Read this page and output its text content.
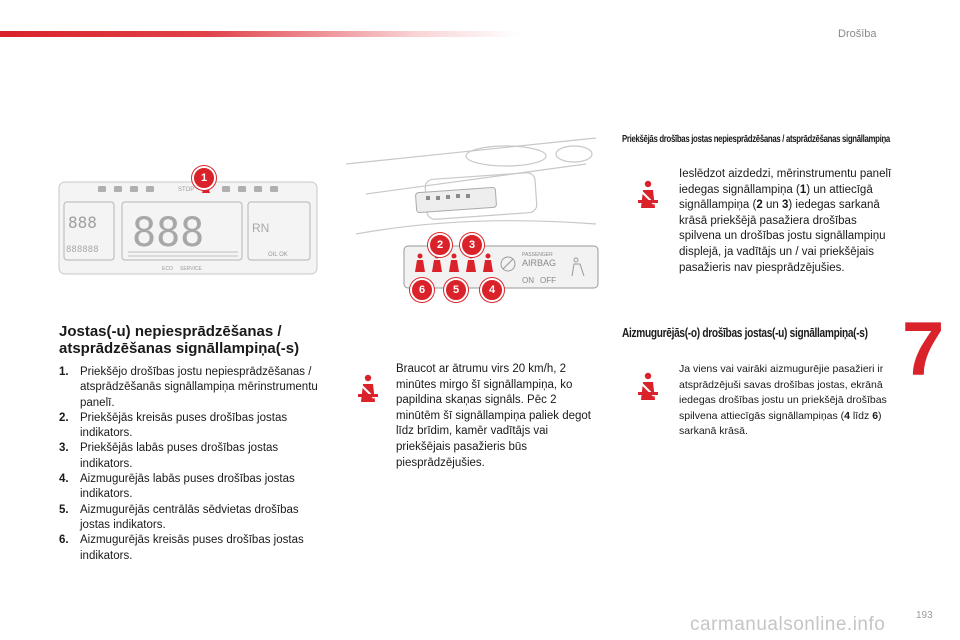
Drošība
7
193
carmanualsonline.info
STOP
888 888	RN
OIL OK
888888
ECO SERVICE
1
PASSENGER
AIRBAG
ON OFF
2	3
4
5
6
Jostas(-u) nepiesprādzēšanas / atsprādzēšanas signāllampiņa(-s)
1. Priekšējo drošības jostu nepiesprādzēšanas / atsprādzēšanās signāllampiņa mērinstrumentu panelī.
2. Priekšējās kreisās puses drošības jostas indikators.
3. Priekšējās labās puses drošības jostas indikators.
4. Aizmugurējās labās puses drošības jostas indikators.
5. Aizmugurējās centrālās sēdvietas drošības jostas indikators.
6. Aizmugurējās kreisās puses drošības jostas indikators.
Braucot ar ātrumu virs 20 km/h, 2 minūtes mirgo šī signāllampiņa, ko papildina skaņas signāls. Pēc 2 minūtēm šī signāllampiņa paliek degot līdz brīdim, kamēr vadītājs vai priekšējais pasažieris būs piesprādzējušies.
Priekšējās drošības jostas nepiesprādzēšanas / atsprādzēšanas signāllampiņa
Ieslēdzot aizdedzi, mērinstrumentu panelī iedegas signāllampiņa (1) un attiecīgā signāllampiņa (2 un 3) iedegas sarkanā krāsā priekšējā pasažiera drošības spilvena un drošības jostu signāllampiņu displejā, ja vadītājs un / vai priekšējais pasažieris nav piesprādzējušies.
Aizmugurējās(-o) drošības jostas(-u) signāllampiņa(-s)
Ja viens vai vairāki aizmugurējie pasažieri ir atsprādzējuši savas drošības jostas, ekrānā iedegas drošības jostu un priekšējā drošības spilvena attiecīgās signāllampiņas (4 līdz 6) sarkanā krāsā.
